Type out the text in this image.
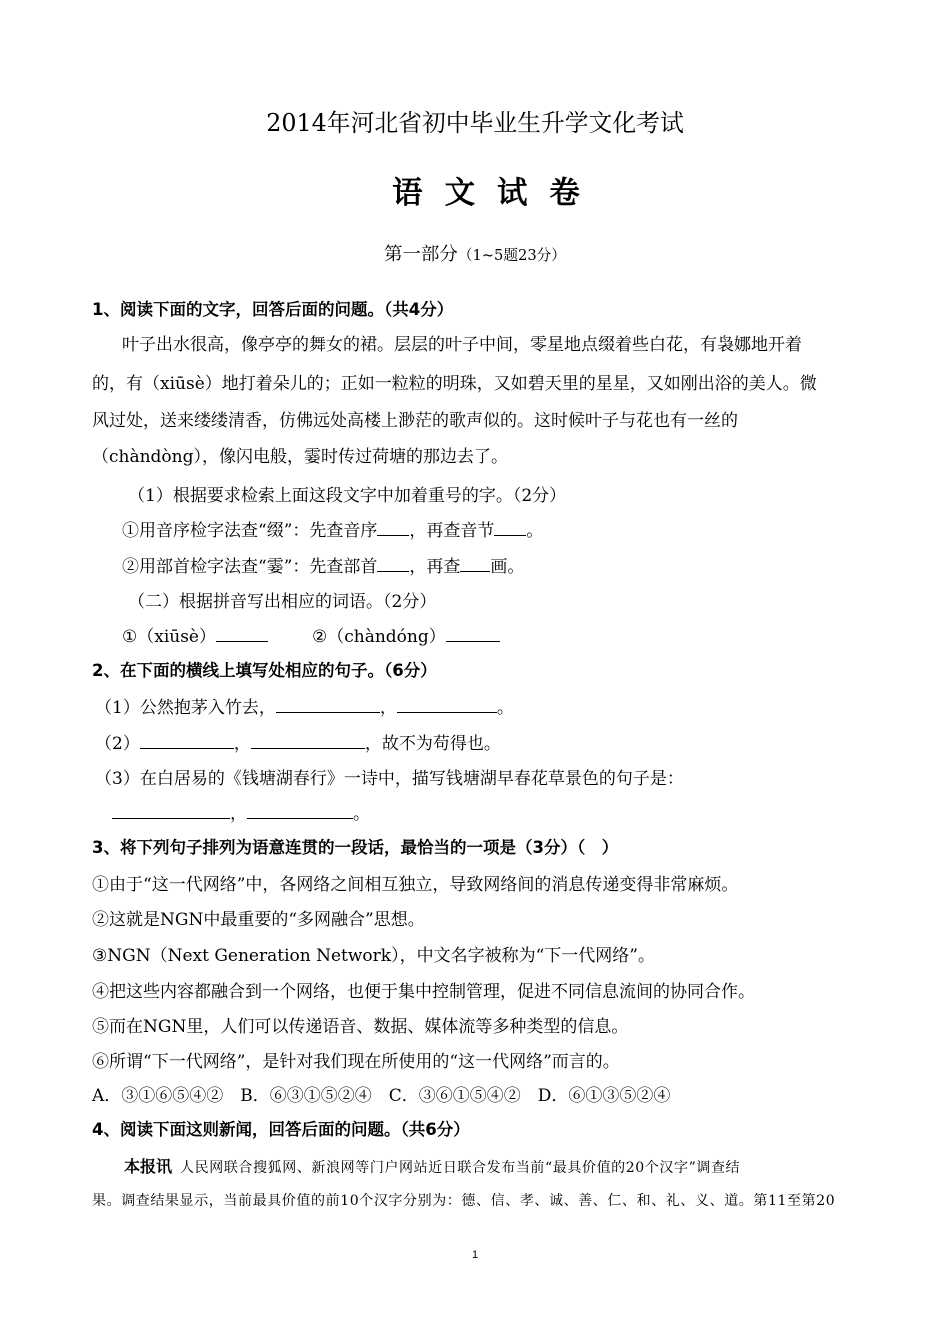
2014年河北省初中毕业生升学文化考试
语文试卷
第一部分（1~5题23分）
1、阅读下面的文字，回答后面的问题。（共4分）
叶子出水很高，像亭亭的舞女的裙。层层的叶子中间，零星地点缀着些白花，有袅娜地开着
的，有（xiūsè）地打着朵儿的；正如一粒粒的明珠，又如碧天里的星星，又如刚出浴的美人。微
风过处，送来缕缕清香，仿佛远处高楼上渺茫的歌声似的。这时候叶子与花也有一丝的
（chàndòng），像闪电般，霎时传过荷塘的那边去了。
（1）根据要求检索上面这段文字中加着重号的字。（2分）
①用音序检字法查“缀”：先查音序 ，再查音节 。
②用部首检字法查“霎”：先查部首 ，再查 画。
（二）根据拼音写出相应的词语。（2分）
①（xiūsè）	②（chàndóng）
2、在下面的横线上填写处相应的句子。（6分）
（1）公然抱茅入竹去，	，	。
（2）	，	，故不为苟得也。
（3）在白居易的《钱塘湖春行》一诗中，描写钱塘湖早春花草景色的句子是：
，	。
3、将下列句子排列为语意连贯的一段话，最恰当的一项是（3分）（　）
①由于“这一代网络”中，各网络之间相互独立，导致网络间的消息传递变得非常麻烦。
②这就是NGN中最重要的“多网融合”思想。
③NGN（Next Generation Network），中文名字被称为“下一代网络”。
④把这些内容都融合到一个网络，也便于集中控制管理，促进不同信息流间的协同合作。
⑤而在NGN里，人们可以传递语音、数据、媒体流等多种类型的信息。
⑥所谓“下一代网络”，是针对我们现在所使用的“这一代网络”而言的。
A．③①⑥⑤④②　B．⑥③①⑤②④　C．③⑥①⑤④②　D．⑥①③⑤②④
4、阅读下面这则新闻，回答后面的问题。（共6分）
本报讯 人民网联合搜狐网、新浪网等门户网站近日联合发布当前“最具价值的20个汉字”调查结
果。调查结果显示，当前最具价值的前10个汉字分别为：德、信、孝、诚、善、仁、和、礼、义、道。第11至第20
1
